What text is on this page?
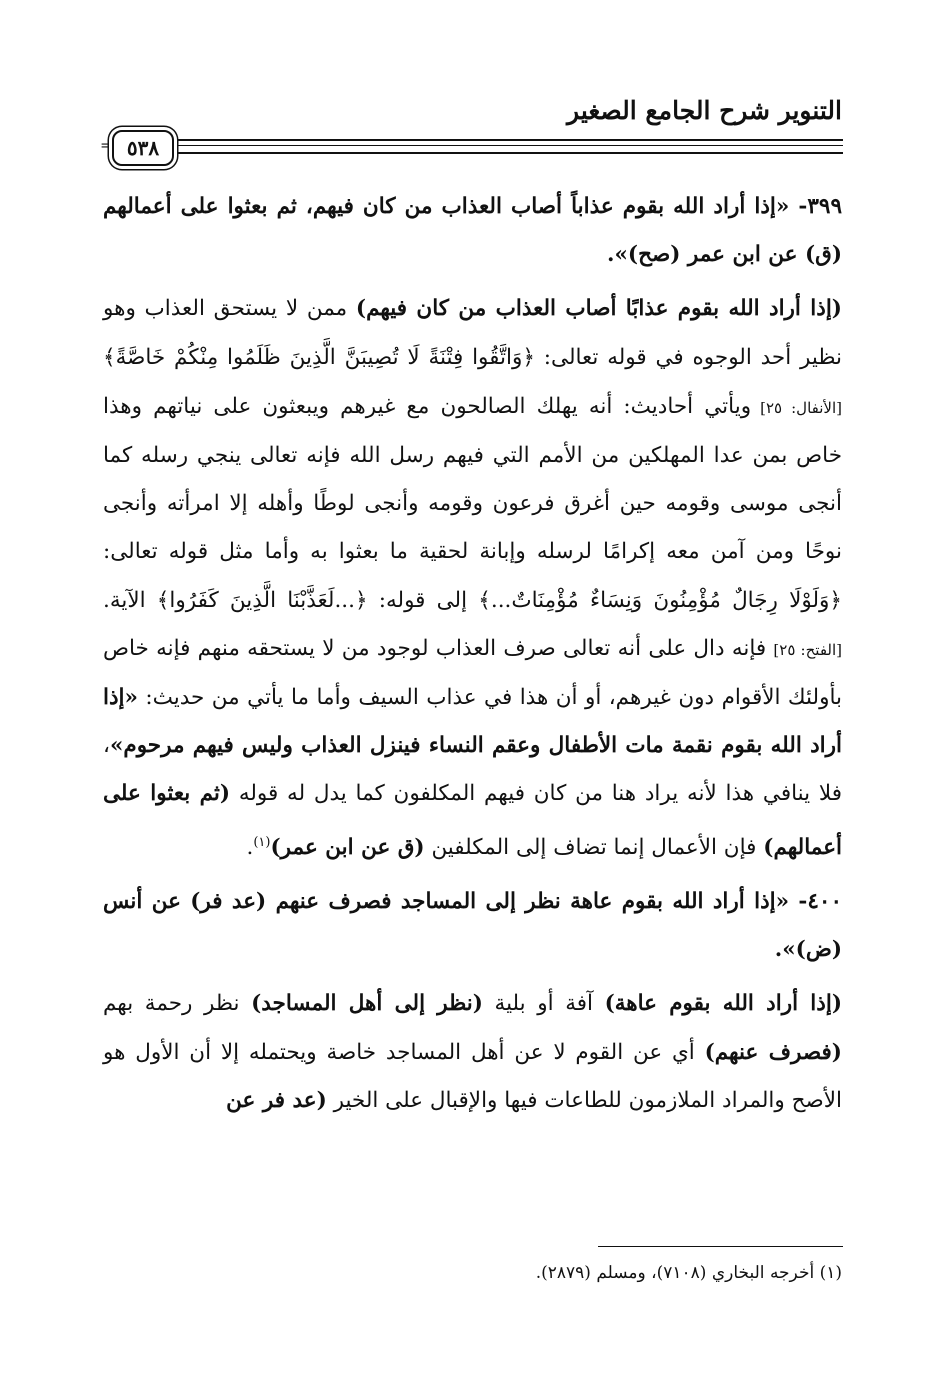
التنوير شرح الجامع الصغير
= ٥٣٨

٣٩٩- «إذا أراد الله بقوم عذاباً أصاب العذاب من كان فيهم، ثم بعثوا على أعمالهم (ق) عن ابن عمر (صح)».

(إذا أراد الله بقوم عذابًا أصاب العذاب من كان فيهم) ممن لا يستحق العذاب وهو نظير أحد الوجوه في قوله تعالى: ﴿وَاتَّقُوا فِتْنَةً لَا تُصِيبَنَّ الَّذِينَ ظَلَمُوا مِنْكُمْ خَاصَّةً﴾ [الأنفال: ٢٥] ويأتي أحاديث: أنه يهلك الصالحون مع غيرهم ويبعثون على نياتهم وهذا خاص بمن عدا المهلكين من الأمم التي فيهم رسل الله فإنه تعالى ينجي رسله كما أنجى موسى وقومه حين أغرق فرعون وقومه وأنجى لوطًا وأهله إلا امرأته وأنجى نوحًا ومن آمن معه إكرامًا لرسله وإبانة لحقية ما بعثوا به وأما مثل قوله تعالى: ﴿وَلَوْلَا رِجَالٌ مُؤْمِنُونَ وَنِسَاءٌ مُؤْمِنَاتٌ...﴾ إلى قوله: ﴿...لَعَذَّبْنَا الَّذِينَ كَفَرُوا﴾ الآية. [الفتح: ٢٥] فإنه دال على أنه تعالى صرف العذاب لوجود من لا يستحقه منهم فإنه خاص بأولئك الأقوام دون غيرهم، أو أن هذا في عذاب السيف وأما ما يأتي من حديث: «إذا أراد الله بقوم نقمة مات الأطفال وعقم النساء فينزل العذاب وليس فيهم مرحوم»، فلا ينافي هذا لأنه يراد هنا من كان فيهم المكلفون كما يدل له قوله (ثم بعثوا على أعمالهم) فإن الأعمال إنما تضاف إلى المكلفين (ق عن ابن عمر)$^{(١)}$.

٤٠٠- «إذا أراد الله بقوم عاهة نظر إلى المساجد فصرف عنهم (عد فر) عن أنس (ض)».

(إذا أراد الله بقوم عاهة) آفة أو بلية (نظر إلى أهل المساجد) نظر رحمة بهم (فصرف عنهم) أي عن القوم لا عن أهل المساجد خاصة ويحتمله إلا أن الأول هو الأصح والمراد الملازمون للطاعات فيها والإقبال على الخير (عد فر عن

(١) أخرجه البخاري (٧١٠٨)، ومسلم (٢٨٧٩).
